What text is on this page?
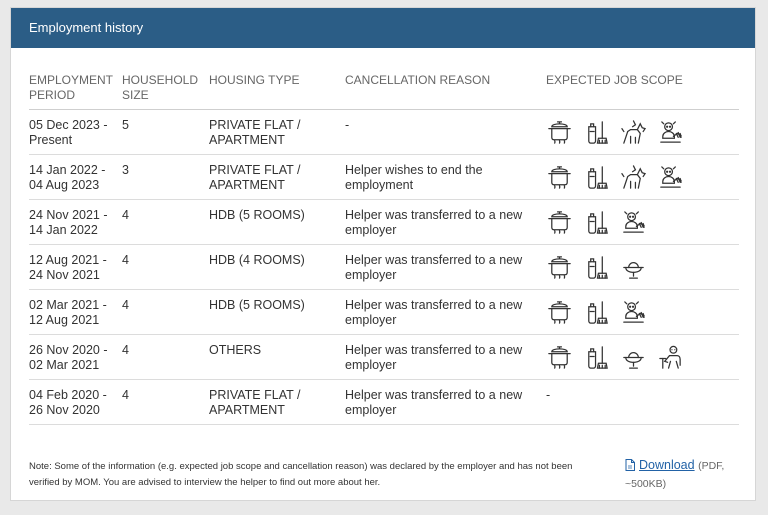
Employment history
EMPLOYMENT PERIOD	HOUSEHOLD SIZE	HOUSING TYPE	CANCELLATION REASON	EXPECTED JOB SCOPE
05 Dec 2023 - Present	5	PRIVATE FLAT / APARTMENT	-	

14 Jan 2022 - 04 Aug 2023	3	PRIVATE FLAT / APARTMENT	Helper wishes to end the employment	

24 Nov 2021 - 14 Jan 2022	4	HDB (5 ROOMS)	Helper was transferred to a new employer	

12 Aug 2021 - 24 Nov 2021	4	HDB (4 ROOMS)	Helper was transferred to a new employer	

02 Mar 2021 - 12 Aug 2021	4	HDB (5 ROOMS)	Helper was transferred to a new employer	

26 Nov 2020 - 02 Mar 2021	4	OTHERS	Helper was transferred to a new employer	

04 Feb 2020 - 26 Nov 2020	4	PRIVATE FLAT / APARTMENT	Helper was transferred to a new employer	-
Note: Some of the information (e.g. expected job scope and cancellation reason) was declared by the employer and has not been verified by MOM. You are advised to interview the helper to find out more about her.
Download (PDF, ~500KB)
